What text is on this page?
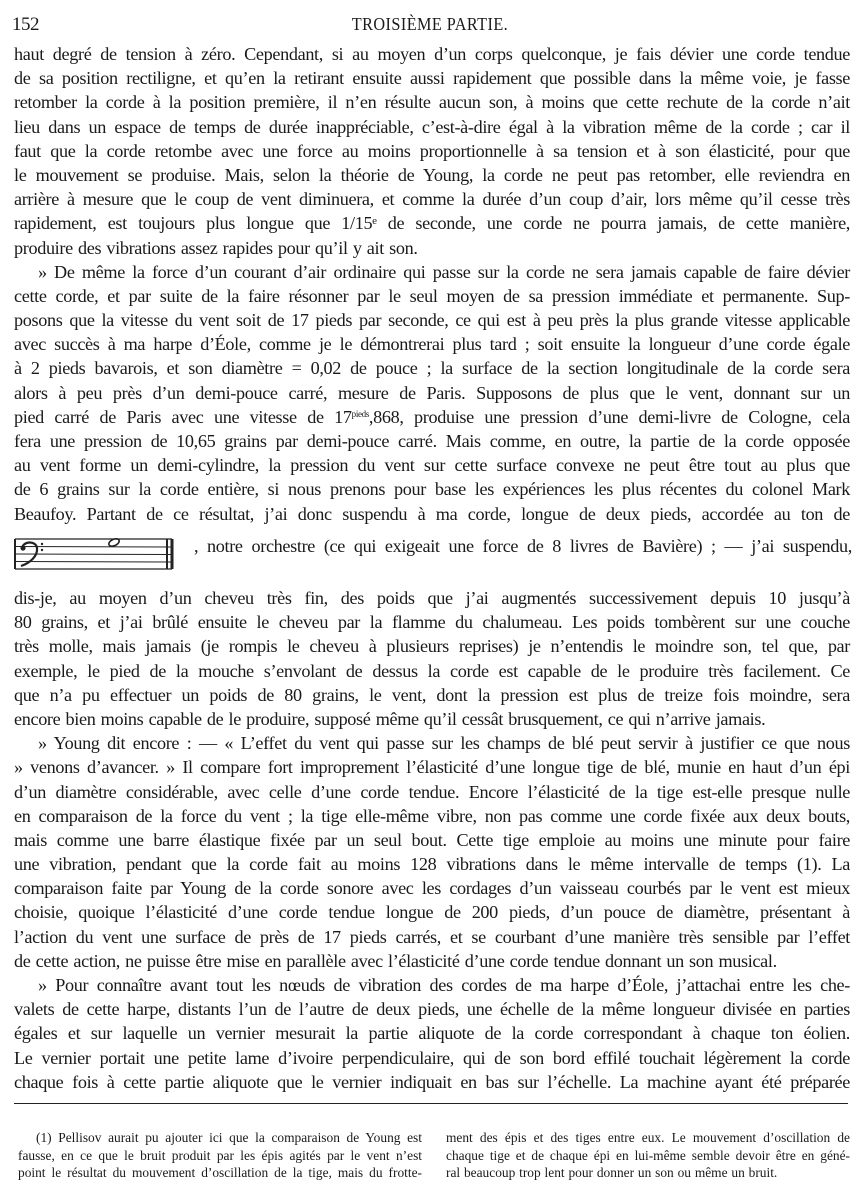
152	TROISIÈME PARTIE.
haut degré de tension à zéro. Cependant, si au moyen d’un corps quelconque, je fais dévier une corde tendue
de sa position rectiligne, et qu’en la retirant ensuite aussi rapidement que possible dans la même voie, je fasse
retomber la corde à la position première, il n’en résulte aucun son, à moins que cette rechute de la corde n’ait
lieu dans un espace de temps de durée inappréciable, c’est-à-dire égal à la vibration même de la corde ; car il
faut que la corde retombe avec une force au moins proportionnelle à sa tension et à son élasticité, pour que
le mouvement se produise. Mais, selon la théorie de Young, la corde ne peut pas retomber, elle reviendra en
arrière à mesure que le coup de vent diminuera, et comme la durée d’un coup d’air, lors même qu’il cesse très
rapidement, est toujours plus longue que 1/15ᵉ de seconde, une corde ne pourra jamais, de cette manière,
produire des vibrations assez rapides pour qu’il y ait son.
» De même la force d’un courant d’air ordinaire qui passe sur la corde ne sera jamais capable de faire dévier
cette corde, et par suite de la faire résonner par le seul moyen de sa pression immédiate et permanente. Sup-
posons que la vitesse du vent soit de 17 pieds par seconde, ce qui est à peu près la plus grande vitesse applicable
avec succès à ma harpe d’Éole, comme je le démontrerai plus tard ; soit ensuite la longueur d’une corde égale
à 2 pieds bavarois, et son diamètre = 0,02 de pouce ; la surface de la section longitudinale de la corde sera
alors à peu près d’un demi-pouce carré, mesure de Paris. Supposons de plus que le vent, donnant sur un
pied carré de Paris avec une vitesse de $17^{pieds},868$, produise une pression d’une demi-livre de Cologne, cela
fera une pression de 10,65 grains par demi-pouce carré. Mais comme, en outre, la partie de la corde opposée
au vent forme un demi-cylindre, la pression du vent sur cette surface convexe ne peut être tout au plus que
de 6 grains sur la corde entière, si nous prenons pour base les expériences les plus récentes du colonel Mark
Beaufoy. Partant de ce résultat, j’ai donc suspendu à ma corde, longue de deux pieds, accordée au ton de
, notre orchestre (ce qui exigeait une force de 8 livres de Bavière) ; — j’ai suspendu,
dis-je, au moyen d’un cheveu très fin, des poids que j’ai augmentés successivement depuis 10 jusqu’à
80 grains, et j’ai brûlé ensuite le cheveu par la flamme du chalumeau. Les poids tombèrent sur une couche
très molle, mais jamais (je rompis le cheveu à plusieurs reprises) je n’entendis le moindre son, tel que, par
exemple, le pied de la mouche s’envolant de dessus la corde est capable de le produire très facilement. Ce
que n’a pu effectuer un poids de 80 grains, le vent, dont la pression est plus de treize fois moindre, sera
encore bien moins capable de le produire, supposé même qu’il cessât brusquement, ce qui n’arrive jamais.
» Young dit encore : — « L’effet du vent qui passe sur les champs de blé peut servir à justifier ce que nous
» venons d’avancer. » Il compare fort improprement l’élasticité d’une longue tige de blé, munie en haut d’un épi
d’un diamètre considérable, avec celle d’une corde tendue. Encore l’élasticité de la tige est-elle presque nulle
en comparaison de la force du vent ; la tige elle-même vibre, non pas comme une corde fixée aux deux bouts,
mais comme une barre élastique fixée par un seul bout. Cette tige emploie au moins une minute pour faire
une vibration, pendant que la corde fait au moins 128 vibrations dans le même intervalle de temps (1). La
comparaison faite par Young de la corde sonore avec les cordages d’un vaisseau courbés par le vent est mieux
choisie, quoique l’élasticité d’une corde tendue longue de 200 pieds, d’un pouce de diamètre, présentant à
l’action du vent une surface de près de 17 pieds carrés, et se courbant d’une manière très sensible par l’effet
de cette action, ne puisse être mise en parallèle avec l’élasticité d’une corde tendue donnant un son musical.
» Pour connaître avant tout les nœuds de vibration des cordes de ma harpe d’Éole, j’attachai entre les che-
valets de cette harpe, distants l’un de l’autre de deux pieds, une échelle de la même longueur divisée en parties
égales et sur laquelle un vernier mesurait la partie aliquote de la corde correspondant à chaque ton éolien.
Le vernier portait une petite lame d’ivoire perpendiculaire, qui de son bord effilé touchait légèrement la corde
chaque fois à cette partie aliquote que le vernier indiquait en bas sur l’échelle. La machine ayant été préparée
(1) Pellisov aurait pu ajouter ici que la comparaison de Young est
fausse, en ce que le bruit produit par les épis agités par le vent n’est
point le résultat du mouvement d’oscillation de la tige, mais du frotte-
ment des épis et des tiges entre eux. Le mouvement d’oscillation de
chaque tige et de chaque épi en lui-même semble devoir être en géné-
ral beaucoup trop lent pour donner un son ou même un bruit.
